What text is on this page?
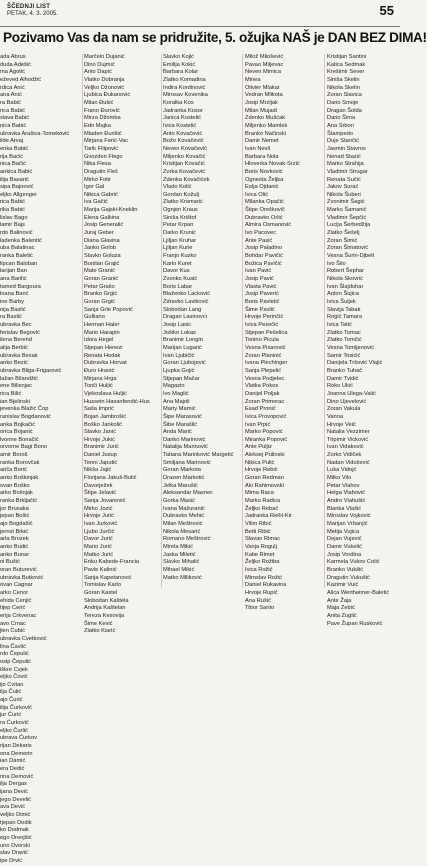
ŠČEDNJI LIST
PETAK, 4. 3. 2005.	55
Pozivamo Vas da nam se pridružite, 5. ožujka NAŠ je DAN BEZ DIMA!
ada Abrus
duda Adešić
ma Agotić
eževed Alhodžić
rdica Anić
ana Anić
ra Babić
rica Babić
slava Babić
nica Babić
ubravka Arašica-Tomeković
ilde Arvaj
enka Babić
rija Baćić
nica Bačić
ankica Babić
ilija Basarić
sipa Bajnović
eljko Allgenger
rica Babić
rika Babić
lislav Bago
lamir Bajs
rdo Balinović
ladenka Balentić
uba Balatinac
ranka Baletić
lipcan Baloban
larijan Ban
ana Barilić
tamed Bargoura
lnana Barić
ine Barby
nija Baslić
ra Baslić
ubravka Bec
ferislav Begović
ilena Berend
alija Berbić
ubravka Besak
anko Bezić
ubravka Bliga-Frigarović
lažan Bilandžić
ene Bilisnjac
rica Bilić
ian Bjelinski
jevenka Blažić Čop
ranislav Bogdanović
anka Bojkačić
orica Bojanić
lvonne Bonačić
orvorne Bagi Bono
amir Boroš
ranka Borovčak
ariča Borić
anko Boškinjak
ovan Boško
arko Bošnjak
ranka Brkljačić
jor Brusaka
jepan Bošić
ajo Bogdašić
jernst Brkić
arla Brozek
anko Budić
anko Bunar
ni Bušić
oran Buturević
ubravka Butković
ovan Cagnar
arko Cenor
ehida Cenjić
tijep Cerić
erija Crkvenac
avo Crnac
jlen Cubić
ubravka Cvetković
lina Čavlić
rdo Čepulić
osip Čepulić
iškre Cvjek
eljko Čović
ijo Cvitan
ilja Čulić
ajo Čurić
ilija Čurković
jur Ćurić
ra Ćurković
eljko Čurlić
ubrava Ćurkov
rijan Dekaris
ona Demerin
ian Damić
era Dedić
rina Demović
ilja Dergas
ijana Dević
jego Develić
ava Dević
veljko Dimić
tjepan Dodik
ko Dodmak
ego Drenjšić
uno Dvorski
slav Dravić
ipe Drvić
Marčelo Dujanić
Dino Dujmić
Anto Dapić
Vlatko Dobranja
Veljko Džonović
Ljubica Đukanović
Milan Đukić
Frano Đurović
Mirza Džomba
Edo Majka
Mladen Đurišić
Mirjana Ferić-Vac
Tarik Filipović
Gvozden Flego
Nika Flesa
Dragutin Fleš
Mirko Fotir
Igor Gal
Nikica Gabrić
Iva Gačić
Marija Gajski-Kneklin
Elena Galkina
Josip Generalić
Juraj Geber
Diana Glavina
Janko Golob
Slavko Goluza
Bonilan Grajić
Mate Granić
Goran Granić
Petar Grašo
Branko Grgić
Goran Grgić
Sanja Grle Popović
Gulliano
Herman Haler
Mario Harapin
Idora Hegel
Stjepan Henezi
Renata Hodak
Dubravka Horvat
Đuro Hranić
Mirjana Hrga
Tonči Huljić
Vjekoslava Huljić
Hussein Hasanfendić-Hus
Saša Imprić
Bojan Jambrošić
Boško Jankolić
Slavko Janić
Hrvoje Jukić
Branimir Jurić
Daniel Jusup
Tenni Japutić
Nikša Jajić
Florijana Jakuš-Bulić
Davorježek
Štipe Jelavić
Sanja Jovanović
Mirko Jozić
Hrvoje Jurić
Ivan Jurković
Ljubo Jurčić
Davor Jurić
Mario Jurić
Matko Jurić
Enku Kabede-Francia
Pavle Kalinić
Sanja Kapetanović
Tomislav Karlo
Goran Kastel
Slobodan Kaštela
Andrija Kaštelan
Tereza Kesovija
Šime Kević
Zlatko Kiarić
Slavko Kojić
Emilija Kokić
Barbara Kolar
Zlatko Komadina
Indira Kordinović
Mirosav Kovenika
Koralka Kos
Jadranka Kosor
Janica Kostelić
Ivica Kostelić
Anto Kovačević
Božo Kovačević
Neven Kovačević
Miljenko Kovačić
Kristijan Kovačić
Zorka Kovačević
Zdenka Kovačićek
Vlado Kolić
Gordan Kožulj
Zlatko Kramarić
Ognjen Kraus
Siniša Krištof
Petar Krpan
Darko Krunić
Ljiljan Kruhar
Ljiljan Kurie
Franjo Kuzko
Karlo Kuret
Davor Kus
Zvonko Kusić
Boris Labar
Blaženko Lacković
Zdravko Laviković
Slobodan Lang
Dragan Lasinovci
Josip Lasic
Jošiko Lokas
Branimir Longin
Marijan Lugarić
Ivan Ljubičić
Goran Ljubojević
Ljupka Gojić
Stjepan Mačar
Magazin
Ivo Maglić
Ana Majoli
Marty Mamić
Šipe Marasović
Šibe Marašlić
Anda Marić
Danko Marinović
Natalija Marinović
Tatiana Marinković Margetić
Smiljana Marinović
Goran Markota
Drazen Markotić
Jelka Marušić
Aleksandar Masnec
Gorka Masić
Ivana Mažuranić
Dubravko Mehić
Milan Meštrović
Nikola Mesarić
Romano Meštrović
Mirela Mikić
Jaska Miletić
Slavko Mihalić
Mihael Mikić
Matko Miliković
Milož Milošević
Pavao Miljevac
Neven Mimica
Minea
Olivier Mlakar
Vedran Mlikota
Josip Mrzljak
Milan Mujadi
Zdenko Mušćak
Miljenko Mamlek
Branko Načinski
Damir Nemet
Ivan Nevil
Barbara Nola
Hloverka Novak-Srzić
Boris Novković
Ognesta Željka
Eolja Ojdanić
Ivica Olić
Milanka Opačić
Štipe Oreškovič
Dubravko Orlić
Almira Osmanović
Ivo Pacovec
Ante Pasić
Josip Paladino
Bohdar Pavičić
Božica Pavičić
Ivan Pavić
Josip Pavić
Vlasta Pavić
Josip Paverić
Boris Pavletić
Šime Pavlić
Hrvoje Perinčić
Ivica Pezečić
Stjepan Pešelica
Tonino Picula
Vesna Pisarović
Zoran Planinić
Ivana Plechinger
Sanja Plepelić
Vesna Podjelec
Vlatka Pokos
Danijel Poljak
Zoran Primorac
Esad Pronić
Ivica Provopović
Ivan Prpić
Marko Popović
Miranka Popović
Ante Puljiz
Aleksej Pulinski
Nikica Pulić
Hrvoje Rebić
Goran Redman
Aki Rahimovski
Mima Raca
Marko Radica
Željko Rebač
Jadranka Reihl-Kir
Vilim Ribić
Betti Ribić
Slavan Rimac
Vanja Rogulj
Katie Rimet
Željko Rožiba
Ivica Rožić
Miroslav Rožić
Daniel Rukavina
Hrvoje Rupić
Ana Rušić
Tibor Santo
Kristijan Santini
Katica Sedmak
Krešimir Sever
Siniša Skelin
Nikola Skelin
Zoran Slavica
Dario Smoje
Dragan Šolda
Dario Šima
Ana Srbon
Štampedo
Duje Stančić
Jasmin Stavros
Nenad Stazić
Marko Strahija
Vladimir Strugar
Renata Sučić
Jakov Surać
Nikola Šuberi
Zvonimir Šagić
Marko Šamanić
Vladimir Šepčić
Lucija Šerbedžija
Zlatko Šešelj
Zoran Šimić
Zoran Šimatović
Vesna Šurin-Djbelt
Ivo Šilo
Robert Šephar
Nikola Skovrić
Ivan Šlajduhar
Anton Šujica
Ivica Šuljek
Slavija Tabak
Rogić Tamara
Ivica Tatić
Zlatko Tomac
Zlatko Tomčić
Vesna Tomljenović
Samir Tosićić
Danijela Tršović Vlajić
Branko Tuhač
Damir Tvidić
Roko Ukić
Joanna Ulega-Valić
Dino Ujevelović
Zoran Vakula
Vanna
Hrvoje Veić
Natalia Vezzimer
Tripimir Vicković
Ivan Vidaković
Zorko Vidiček
Nadan Vidošević
Luka Vidojć
Milko Vilo
Petar Vlahov
Helga Vlahović
Andro Vlahušić
Blanka Vlašić
Miroslav Vojković
Marijan Vrbanjić
Metija Vujica
Dejan Vujević
Damir Vukelić
Josip Vordina
Karmela Vukov Colić
Branko Vukšić
Dragutin Vukušić
Kazimir Vuić
Alica Wertheimer-Baletić
Ante Žaja
Maja Zebić
Anita Zuglić
Pave Župan Rusković
